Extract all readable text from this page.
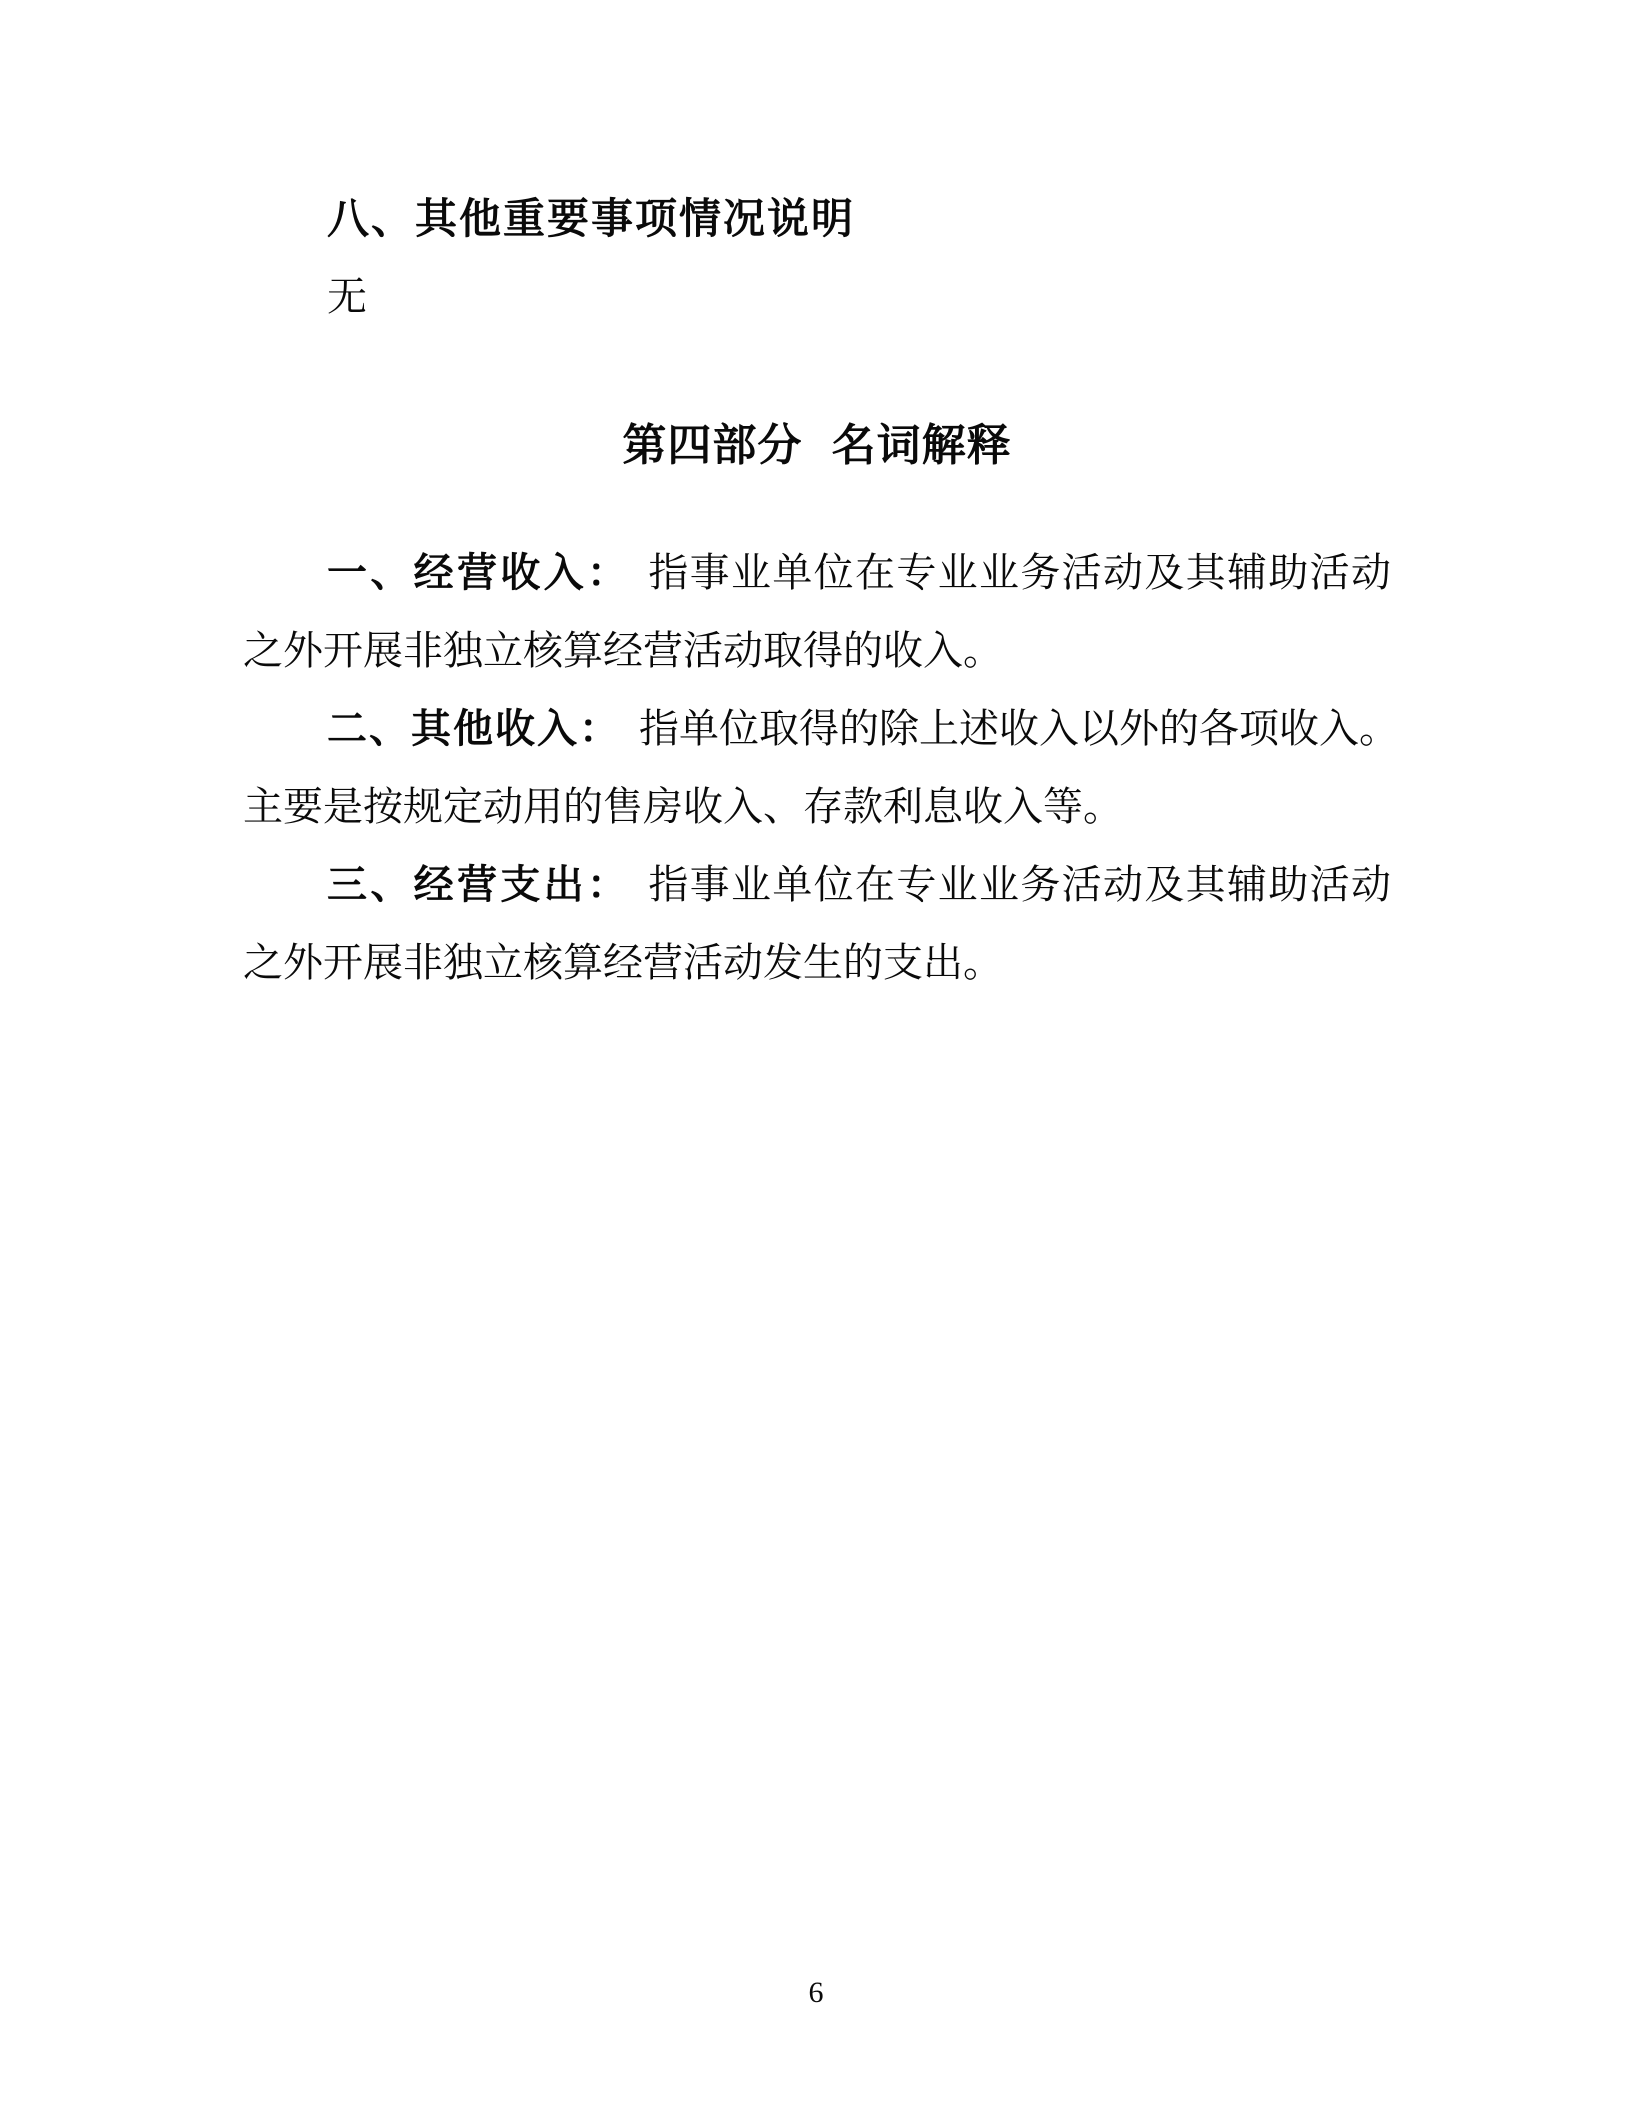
八、其他重要事项情况说明

无

第四部分 名词解释
一、经营收入： 指事业单位在专业业务活动及其辅助活动
之外开展非独立核算经营活动取得的收入。
二、其他收入： 指单位取得的除上述收入以外的各项收入。
主要是按规定动用的售房收入、存款利息收入等。
三、经营支出： 指事业单位在专业业务活动及其辅助活动
之外开展非独立核算经营活动发生的支出。
6
